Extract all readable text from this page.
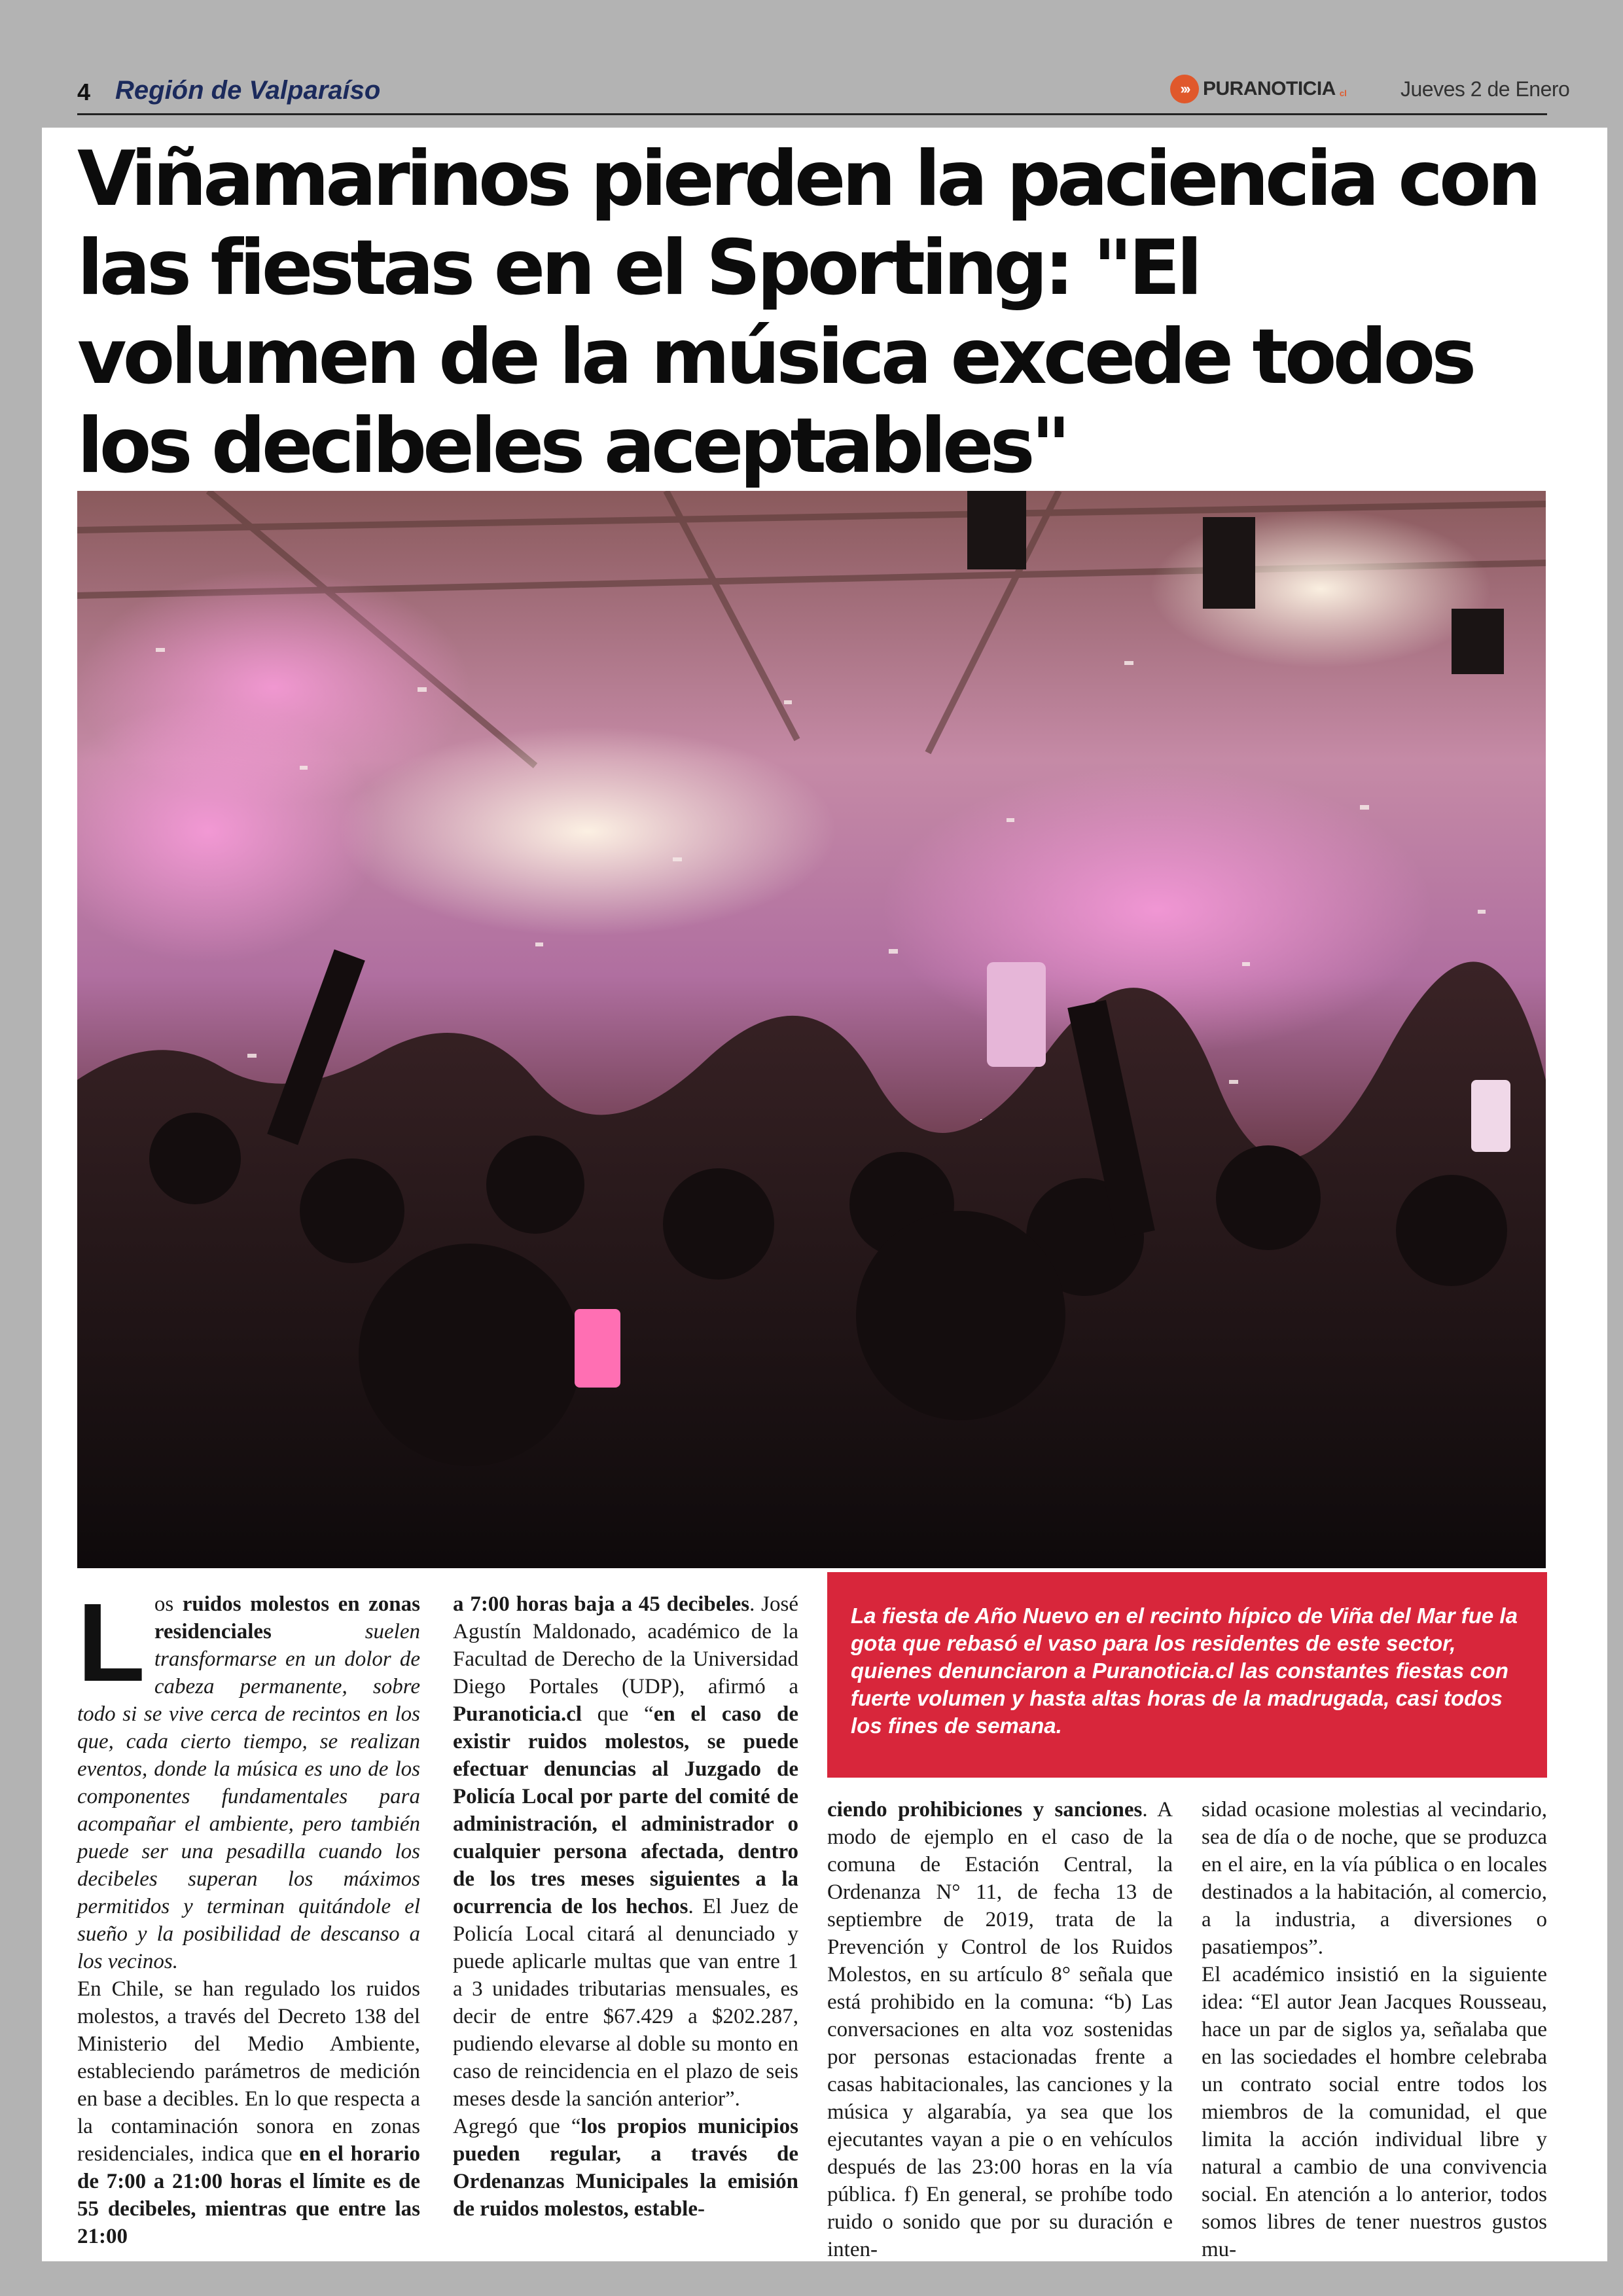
4 Región de Valparaíso	››› PURANOTICIA cl	Jueves 2 de Enero
Viñamarinos pierden la paciencia con las fiestas en el Sporting: "El volumen de la música excede todos los decibeles aceptables"

La fiesta de Año Nuevo en el recinto hípico de Viña del Mar fue la gota que rebasó el vaso para los residentes de este sector, quienes denunciaron a Puranoticia.cl las constantes fiestas con fuerte volumen y hasta altas horas de la madrugada, casi todos los fines de semana.

Los ruidos molestos en zonas residenciales suelen transformarse en un dolor de cabeza permanente, sobre todo si se vive cerca de recintos en los que, cada cierto tiempo, se realizan eventos, donde la música es uno de los componentes fundamentales para acompañar el ambiente, pero también puede ser una pesadilla cuando los decibeles superan los máximos permitidos y terminan quitándole el sueño y la posibilidad de descanso a los vecinos.

En Chile, se han regulado los ruidos molestos, a través del Decreto 138 del Ministerio del Medio Ambiente, estableciendo parámetros de medición en base a decibles. En lo que respecta a la contaminación sonora en zonas residenciales, indica que en el horario de 7:00 a 21:00 horas el límite es de 55 decibeles, mientras que entre las 21:00

a 7:00 horas baja a 45 decibeles. José Agustín Maldonado, académico de la Facultad de Derecho de la Universidad Diego Portales (UDP), afirmó a Puranoticia.cl que “en el caso de existir ruidos molestos, se puede efectuar denuncias al Juzgado de Policía Local por parte del comité de administración, el administrador o cualquier persona afectada, dentro de los tres meses siguientes a la ocurrencia de los hechos. El Juez de Policía Local citará al denunciado y puede aplicarle multas que van entre 1 a 3 unidades tributarias mensuales, es decir de entre $67.429 a $202.287, pudiendo elevarse al doble su monto en caso de reincidencia en el plazo de seis meses desde la sanción anterior”.

Agregó que “los propios municipios pueden regular, a través de Ordenanzas Municipales la emisión de ruidos molestos, estable-

ciendo prohibiciones y sanciones. A modo de ejemplo en el caso de la comuna de Estación Central, la Ordenanza N° 11, de fecha 13 de septiembre de 2019, trata de la Prevención y Control de los Ruidos Molestos, en su artículo 8° señala que está prohibido en la comuna: “b) Las conversaciones en alta voz sostenidas por personas estacionadas frente a casas habitacionales, las canciones y la música y algarabía, ya sea que los ejecutantes vayan a pie o en vehículos después de las 23:00 horas en la vía pública. f) En general, se prohíbe todo ruido o sonido que por su duración e inten-

sidad ocasione molestias al vecindario, sea de día o de noche, que se produzca en el aire, en la vía pública o en locales destinados a la habitación, al comercio, a la industria, a diversiones o pasatiempos”.

El académico insistió en la siguiente idea: “El autor Jean Jacques Rousseau, hace un par de siglos ya, señalaba que en las sociedades el hombre celebraba un contrato social entre todos los miembros de la comunidad, el que limita la acción individual libre y natural a cambio de una convivencia social. En atención a lo anterior, todos somos libres de tener nuestros gustos mu-
